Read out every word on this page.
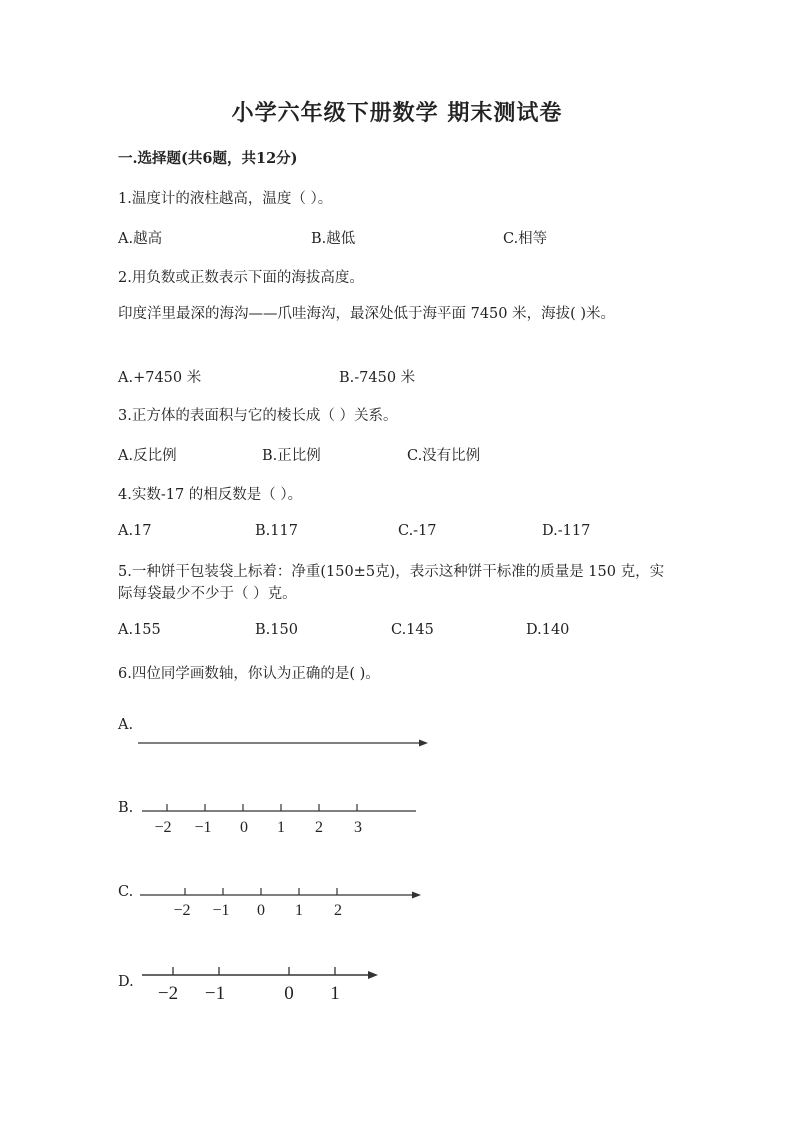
小学六年级下册数学 期末测试卷
一.选择题(共6题，共12分)
1.温度计的液柱越高，温度（ ）。
A.越高	B.越低	C.相等
2.用负数或正数表示下面的海拔高度。
印度洋里最深的海沟——爪哇海沟，最深处低于海平面 7450 米，海拔( )米。
A.+7450 米	B.-7450 米
3.正方体的表面积与它的棱长成（ ）关系。
A.反比例	B.正比例	C.没有比例
4.实数-17 的相反数是（ ）。
A.17	B.117	C.-17	D.-117
5.一种饼干包装袋上标着：净重(150±5克)，表示这种饼干标准的质量是 150 克，实际每袋最少不少于（ ）克。
A.155	B.150	C.145	D.140
6.四位同学画数轴，你认为正确的是( )。
A.
B.
−2 −1 0 1 2 3
C.
−2 −1 0 1 2
D.
−2 −1	0 1
